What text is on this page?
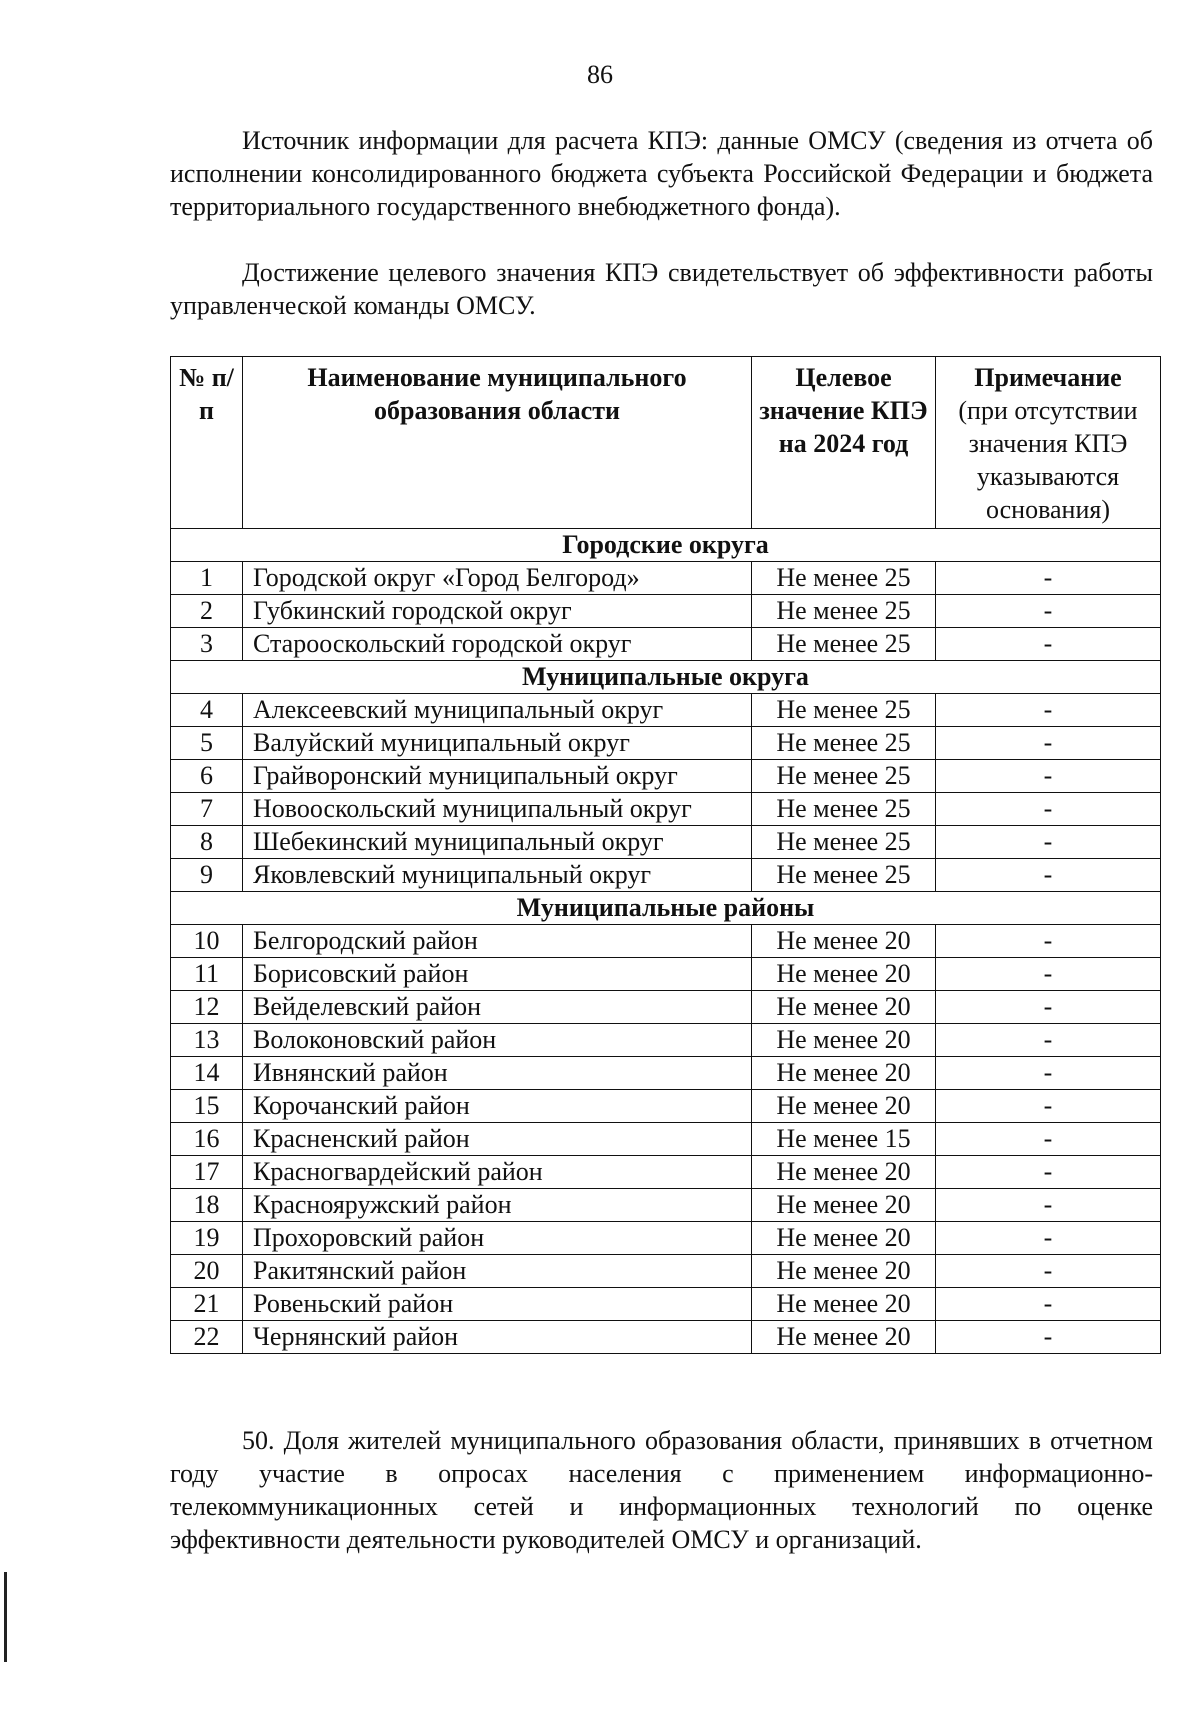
86

Источник информации для расчета КПЭ: данные ОМСУ (сведения из отчета об исполнении консолидированного бюджета субъекта Российской Федерации и бюджета территориального государственного внебюджетного фонда).

Достижение целевого значения КПЭ свидетельствует об эффективности работы управленческой команды ОМСУ.

№ п/п	Наименование муниципального образования области	Целевое значение КПЭ на 2024 год	Примечание
(при отсутствии значения КПЭ указываются основания)
Городские округа			
1	Городской округ «Город Белгород»	Не менее 25	-
2	Губкинский городской округ	Не менее 25	-
3	Старооскольский городской округ	Не менее 25	-
Муниципальные округа			
4	Алексеевский муниципальный округ	Не менее 25	-
5	Валуйский муниципальный округ	Не менее 25	-
6	Грайворонский муниципальный округ	Не менее 25	-
7	Новооскольский муниципальный округ	Не менее 25	-
8	Шебекинский муниципальный округ	Не менее 25	-
9	Яковлевский муниципальный округ	Не менее 25	-
Муниципальные районы			
10	Белгородский район	Не менее 20	-
11	Борисовский район	Не менее 20	-
12	Вейделевский район	Не менее 20	-
13	Волоконовский район	Не менее 20	-
14	Ивнянский район	Не менее 20	-
15	Корочанский район	Не менее 20	-
16	Красненский район	Не менее 15	-
17	Красногвардейский район	Не менее 20	-
18	Краснояружский район	Не менее 20	-
19	Прохоровский район	Не менее 20	-
20	Ракитянский район	Не менее 20	-
21	Ровеньский район	Не менее 20	-
22	Чернянский район	Не менее 20	-

50. Доля жителей муниципального образования области, принявших в отчетном году участие в опросах населения с применением информационно-телекоммуникационных сетей и информационных технологий по оценке эффективности деятельности руководителей ОМСУ и организаций.
